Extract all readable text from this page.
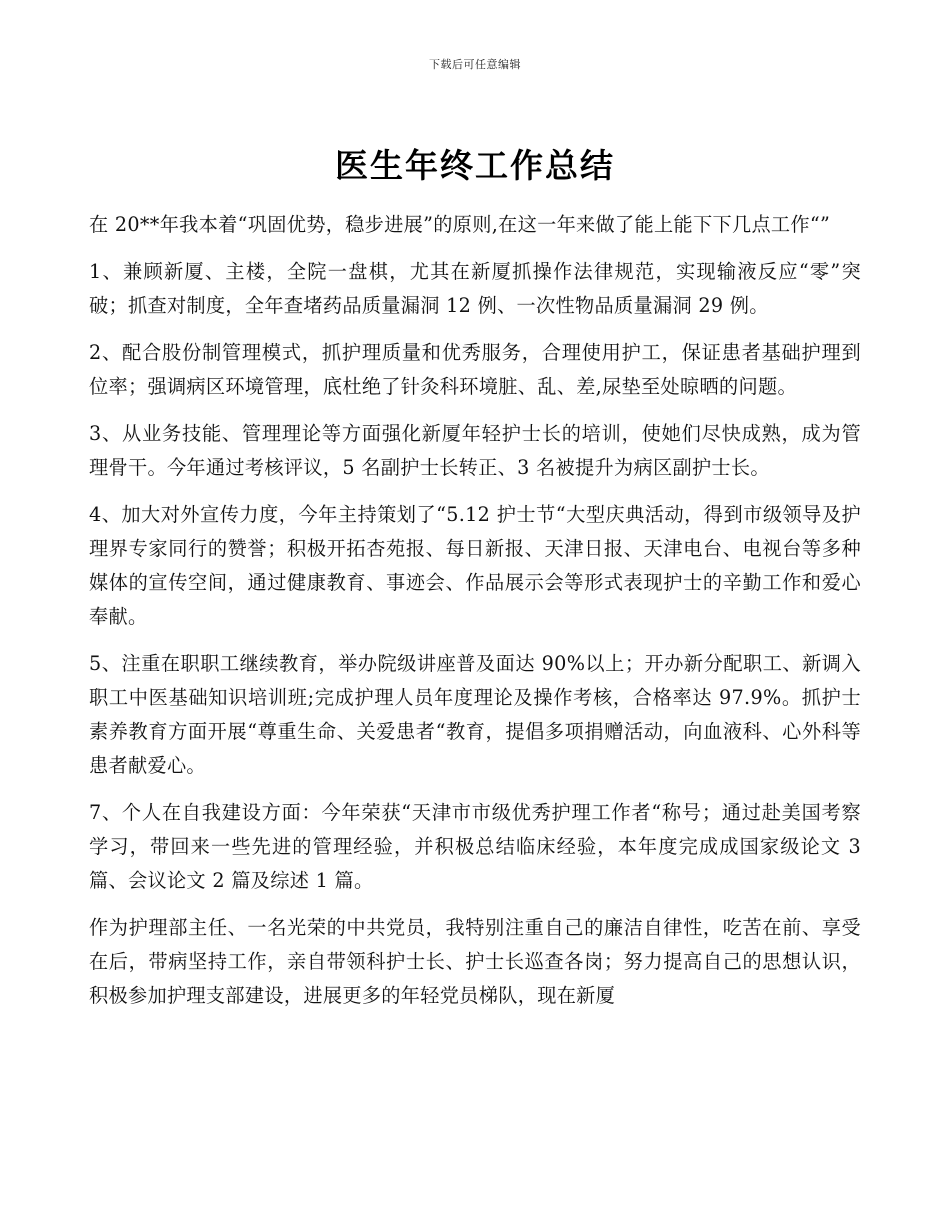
下载后可任意编辑
医生年终工作总结

在 20**年我本着“巩固优势，稳步进展”的原则,在这一年来做了能上能下下几点工作“”

1、兼顾新厦、主楼，全院一盘棋，尤其在新厦抓操作法律规范，实现输液反应“零”突破；抓查对制度，全年查堵药品质量漏洞 12 例、一次性物品质量漏洞 29 例。

2、配合股份制管理模式，抓护理质量和优秀服务，合理使用护工，保证患者基础护理到位率；强调病区环境管理，底杜绝了针灸科环境脏、乱、差,尿垫至处晾晒的问题。

3、从业务技能、管理理论等方面强化新厦年轻护士长的培训，使她们尽快成熟，成为管理骨干。今年通过考核评议，5 名副护士长转正、3 名被提升为病区副护士长。

4、加大对外宣传力度，今年主持策划了“5.12 护士节“大型庆典活动，得到市级领导及护理界专家同行的赞誉；积极开拓杏苑报、每日新报、天津日报、天津电台、电视台等多种媒体的宣传空间，通过健康教育、事迹会、作品展示会等形式表现护士的辛勤工作和爱心奉献。

5、注重在职职工继续教育，举办院级讲座普及面达 90%以上；开办新分配职工、新调入职工中医基础知识培训班;完成护理人员年度理论及操作考核，合格率达 97.9%。抓护士素养教育方面开展“尊重生命、关爱患者“教育，提倡多项捐赠活动，向血液科、心外科等患者献爱心。

7、个人在自我建设方面：今年荣获“天津市市级优秀护理工作者“称号；通过赴美国考察学习，带回来一些先进的管理经验，并积极总结临床经验，本年度完成成国家级论文 3 篇、会议论文 2 篇及综述 1 篇。

作为护理部主任、一名光荣的中共党员，我特别注重自己的廉洁自律性，吃苦在前、享受在后，带病坚持工作，亲自带领科护士长、护士长巡查各岗；努力提高自己的思想认识，积极参加护理支部建设，进展更多的年轻党员梯队，现在新厦
